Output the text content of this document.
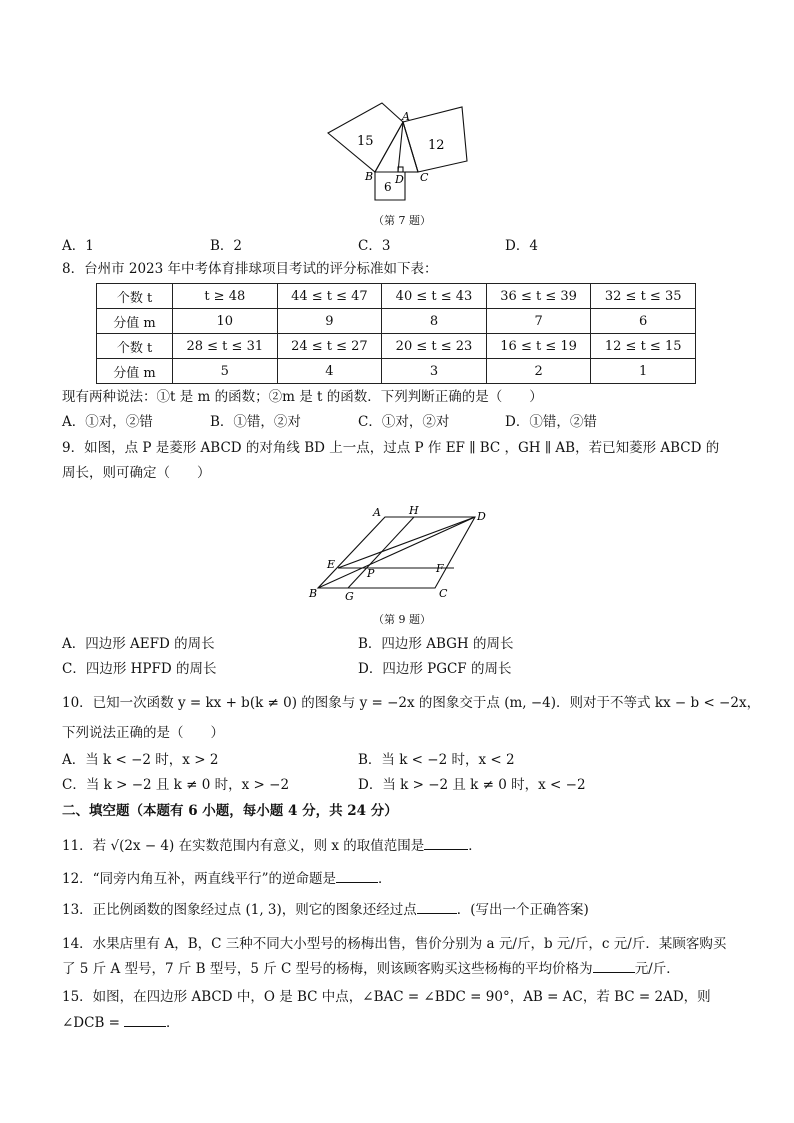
A
B	C
D
15	12
6
（第 7 题）
A．1	B．2	C．3	D．4
8．台州市 2023 年中考体育排球项目考试的评分标准如下表：
个数 t	t ≥ 48	44 ≤ t ≤ 47	40 ≤ t ≤ 43	36 ≤ t ≤ 39	32 ≤ t ≤ 35
分值 m	10	9	8	7	6
个数 t	28 ≤ t ≤ 31	24 ≤ t ≤ 27	20 ≤ t ≤ 23	16 ≤ t ≤ 19	12 ≤ t ≤ 15
分值 m	5	4	3	2	1
现有两种说法：①t 是 m 的函数；②m 是 t 的函数．下列判断正确的是（　　）
A．①对，②错	B．①错，②对	C．①对，②对	D．①错，②错
9．如图，点 P 是菱形 ABCD 的对角线 BD 上一点，过点 P 作 EF ∥ BC ，GH ∥ AB，若已知菱形 ABCD 的
周长，则可确定（　　）
A	H	D
E
P	F
B	G	C
（第 9 题）
A．四边形 AEFD 的周长	B．四边形 ABGH 的周长
C．四边形 HPFD 的周长	D．四边形 PGCF 的周长
10．已知一次函数 y = kx + b(k ≠ 0) 的图象与 y = −2x 的图象交于点 (m, −4)．则对于不等式 kx − b < −2x，
下列说法正确的是（　　）
A．当 k < −2 时，x > 2	B．当 k < −2 时，x < 2
C．当 k > −2 且 k ≠ 0 时，x > −2	D．当 k > −2 且 k ≠ 0 时，x < −2
二、填空题（本题有 6 小题，每小题 4 分，共 24 分）
11．若 √(2x − 4) 在实数范围内有意义，则 x 的取值范围是	．
12．“同旁内角互补，两直线平行”的逆命题是	．
13．正比例函数的图象经过点 (1, 3)，则它的图象还经过点	．(写出一个正确答案)
14．水果店里有 A，B，C 三种不同大小型号的杨梅出售，售价分别为 a 元/斤，b 元/斤，c 元/斤．某顾客购买
了 5 斤 A 型号，7 斤 B 型号，5 斤 C 型号的杨梅，则该顾客购买这些杨梅的平均价格为	元/斤．
15．如图，在四边形 ABCD 中，O 是 BC 中点，∠BAC = ∠BDC = 90°，AB = AC，若 BC = 2AD，则
∠DCB =	．
